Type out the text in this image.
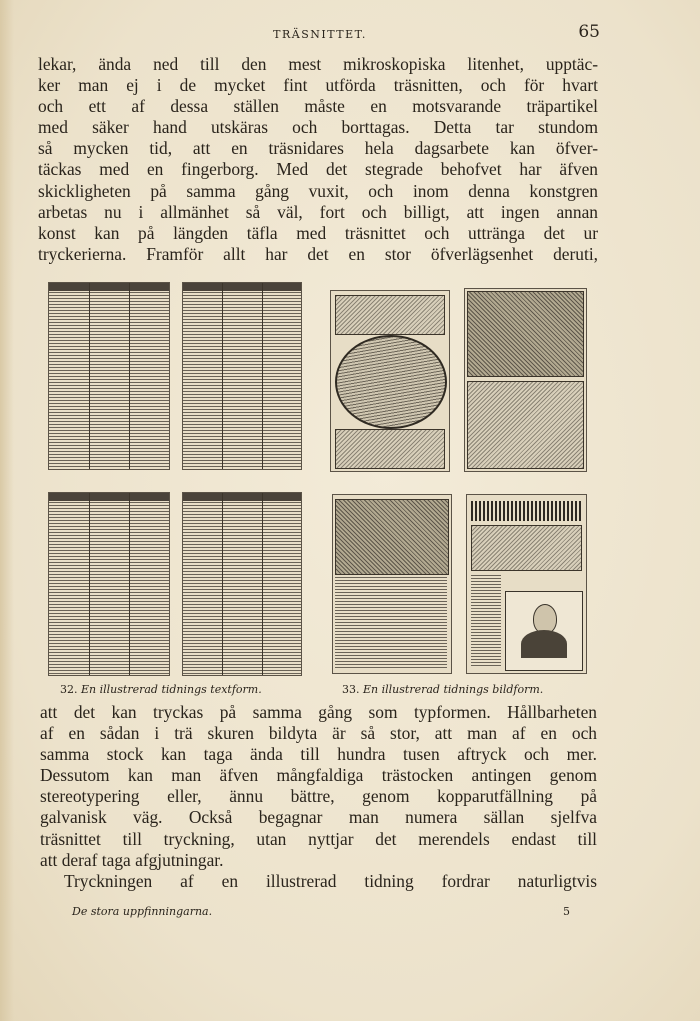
TRÄSNITTET.	65
lekar, ända ned till den mest mikroskopiska litenhet, upptäc-
ker man ej i de mycket fint utförda träsnitten, och för hvart
och ett af dessa ställen måste en motsvarande träpartikel
med säker hand utskäras och borttagas. Detta tar stundom
så mycken tid, att en träsnidares hela dagsarbete kan öfver-
täckas med en fingerborg. Med det stegrade behofvet har äfven
skickligheten på samma gång vuxit, och inom denna konstgren
arbetas nu i allmänhet så väl, fort och billigt, att ingen annan
konst kan på längden täfla med träsnittet och uttränga det ur
tryckerierna. Framför allt har det en stor öfverlägsenhet deruti,
32. En illustrerad tidnings textform.	33. En illustrerad tidnings bildform.
att det kan tryckas på samma gång som typformen. Hållbarheten
af en sådan i trä skuren bildyta är så stor, att man af en och
samma stock kan taga ända till hundra tusen aftryck och mer.
Dessutom kan man äfven mångfaldiga trästocken antingen genom
stereotypering eller, ännu bättre, genom kopparutfällning på
galvanisk väg. Också begagnar man numera sällan sjelfva
träsnittet till tryckning, utan nyttjar det merendels endast till
att deraf taga afgjutningar.
Tryckningen af en illustrerad tidning fordrar naturligtvis
De stora uppfinningarna.	5
